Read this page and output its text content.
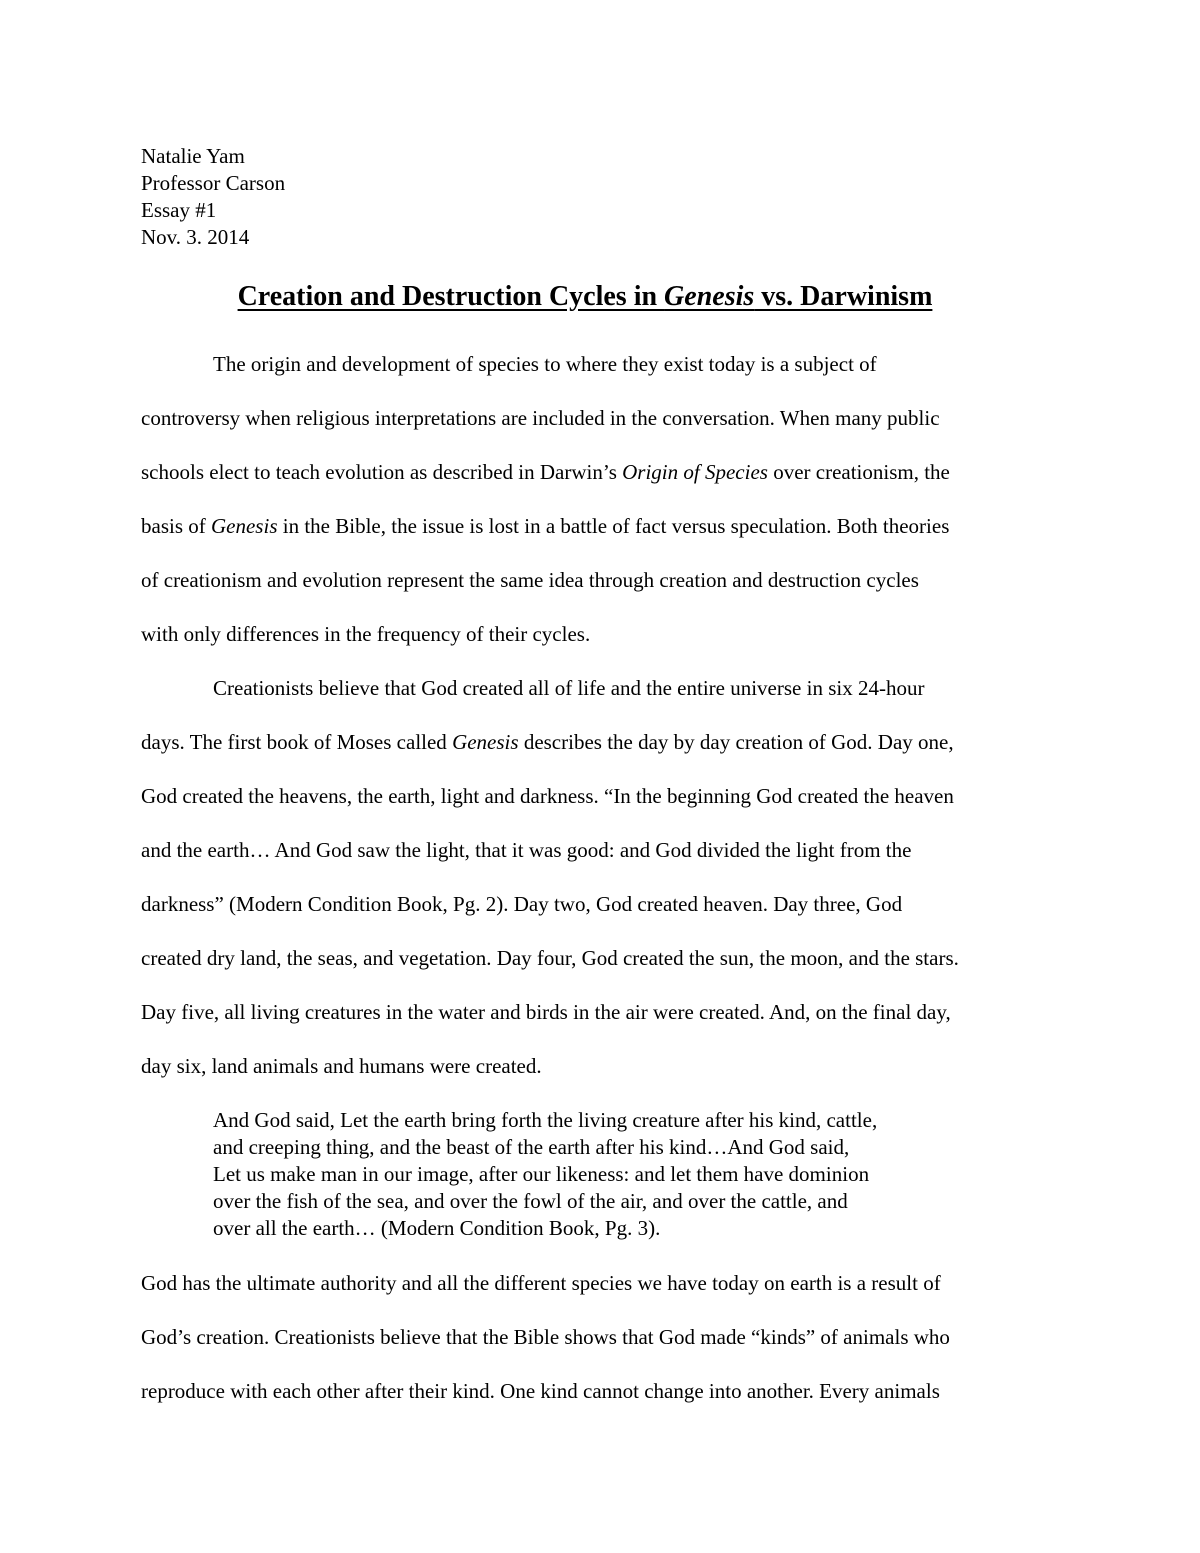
Natalie Yam
Professor Carson
Essay #1
Nov. 3. 2014
Creation and Destruction Cycles in Genesis vs. Darwinism
The origin and development of species to where they exist today is a subject of
controversy when religious interpretations are included in the conversation. When many public
schools elect to teach evolution as described in Darwin’s Origin of Species over creationism, the
basis of Genesis in the Bible, the issue is lost in a battle of fact versus speculation. Both theories
of creationism and evolution represent the same idea through creation and destruction cycles
with only differences in the frequency of their cycles.
Creationists believe that God created all of life and the entire universe in six 24-hour
days. The first book of Moses called Genesis describes the day by day creation of God. Day one,
God created the heavens, the earth, light and darkness. “In the beginning God created the heaven
and the earth… And God saw the light, that it was good: and God divided the light from the
darkness” (Modern Condition Book, Pg. 2). Day two, God created heaven. Day three, God
created dry land, the seas, and vegetation. Day four, God created the sun, the moon, and the stars.
Day five, all living creatures in the water and birds in the air were created. And, on the final day,
day six, land animals and humans were created.
And God said, Let the earth bring forth the living creature after his kind, cattle,
and creeping thing, and the beast of the earth after his kind…And God said,
Let us make man in our image, after our likeness: and let them have dominion
over the fish of the sea, and over the fowl of the air, and over the cattle, and
over all the earth… (Modern Condition Book, Pg. 3).
God has the ultimate authority and all the different species we have today on earth is a result of
God’s creation. Creationists believe that the Bible shows that God made “kinds” of animals who
reproduce with each other after their kind. One kind cannot change into another. Every animals
